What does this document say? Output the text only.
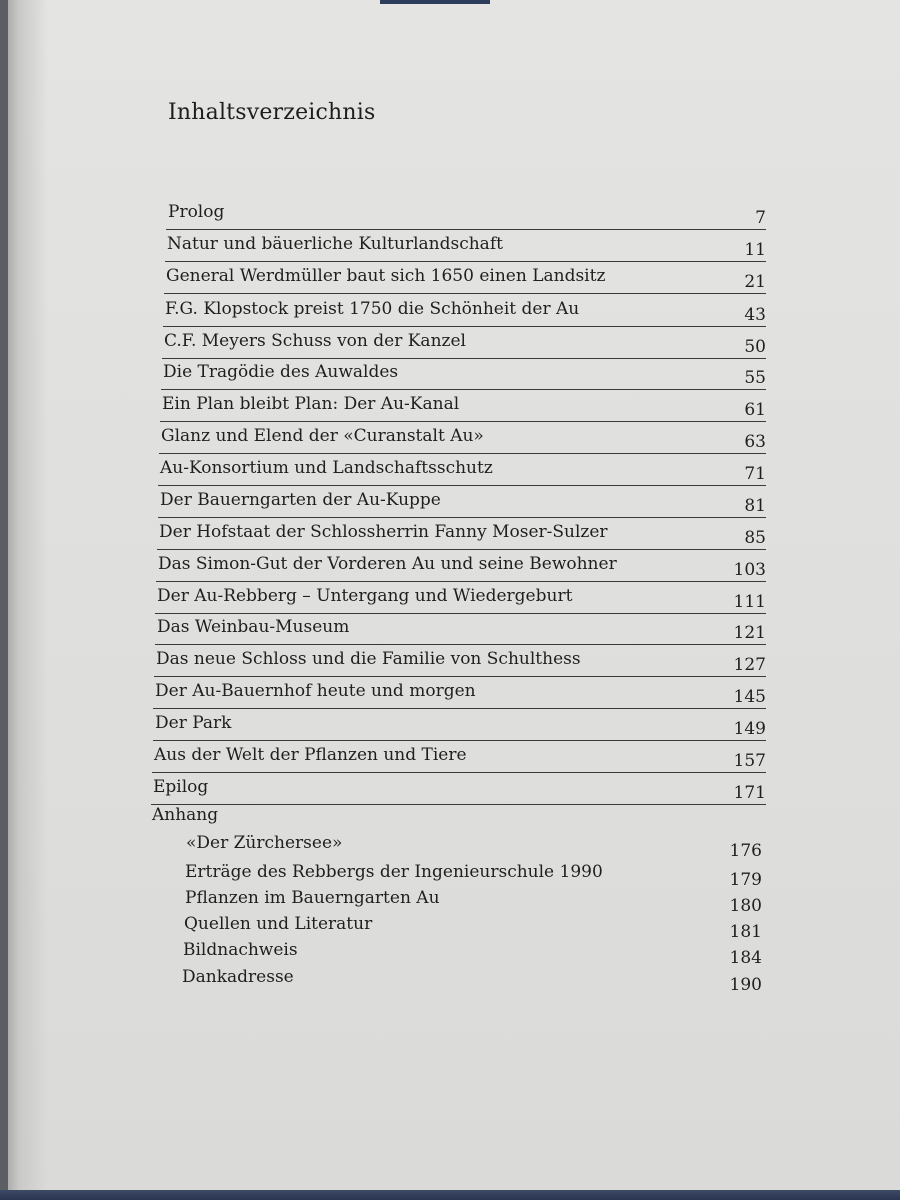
Inhaltsverzeichnis
Prolog	7
Natur und bäuerliche Kulturlandschaft	11
General Werdmüller baut sich 1650 einen Landsitz	21
F.G. Klopstock preist 1750 die Schönheit der Au	43
C.F. Meyers Schuss von der Kanzel	50
Die Tragödie des Auwaldes	55
Ein Plan bleibt Plan: Der Au-Kanal	61
Glanz und Elend der «Curanstalt Au»	63
Au-Konsortium und Landschaftsschutz	71
Der Bauerngarten der Au-Kuppe	81
Der Hofstaat der Schlossherrin Fanny Moser-Sulzer	85
Das Simon-Gut der Vorderen Au und seine Bewohner	103
Der Au-Rebberg – Untergang und Wiedergeburt	111
Das Weinbau-Museum	121
Das neue Schloss und die Familie von Schulthess	127
Der Au-Bauernhof heute und morgen	145
Der Park	149
Aus der Welt der Pflanzen und Tiere	157
Epilog	171
Anhang
«Der Zürchersee»	176
Erträge des Rebbergs der Ingenieurschule 1990	179
Pflanzen im Bauerngarten Au	180
Quellen und Literatur	181
Bildnachweis	184
Dankadresse	190
